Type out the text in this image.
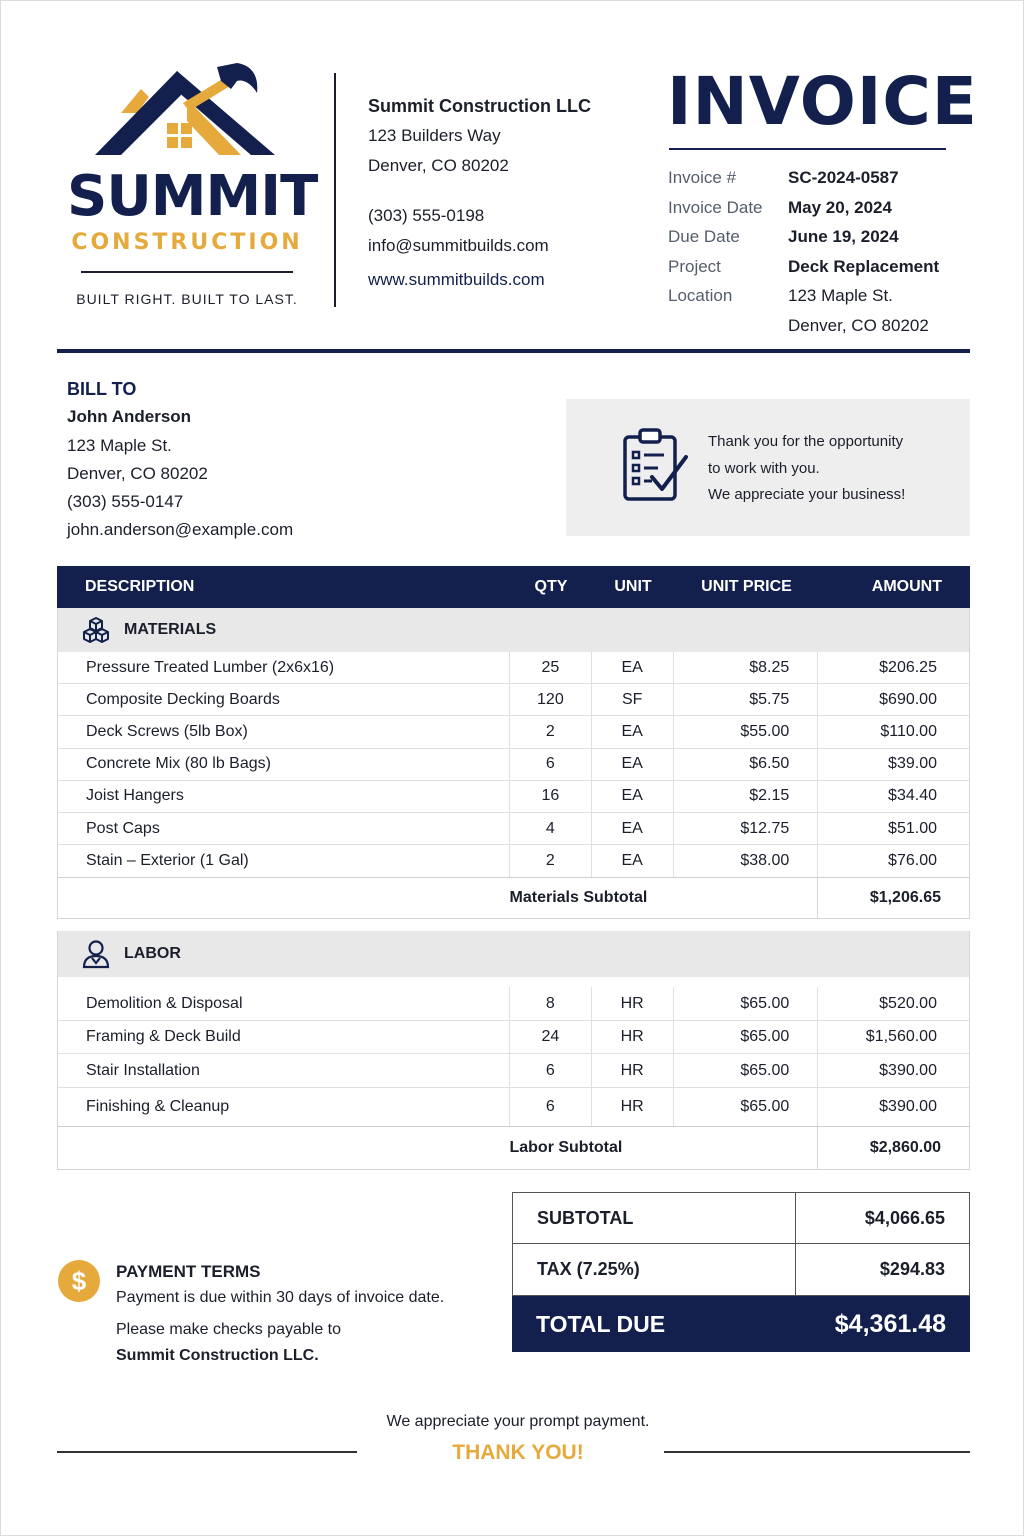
SUMMIT
CONSTRUCTION
BUILT RIGHT. BUILT TO LAST.
Summit Construction LLC
123 Builders Way
Denver, CO 80202
(303) 555-0198
info@summitbuilds.com
www.summitbuilds.com
INVOICE
Invoice #	SC-2024-0587
Invoice Date	May 20, 2024
Due Date	June 19, 2024
Project	Deck Replacement
Location	123 Maple St.
Denver, CO 80202
BILL TO
John Anderson
123 Maple St.
Denver, CO 80202
(303) 555-0147
john.anderson@example.com
Thank you for the opportunity
to work with you.
We appreciate your business!
DESCRIPTION	QTY	UNIT	UNIT PRICE	AMOUNT
MATERIALS
Pressure Treated Lumber (2x6x16)	25	EA	$8.25	$206.25
Composite Decking Boards	120	SF	$5.75	$690.00
Deck Screws (5lb Box)	2	EA	$55.00	$110.00
Concrete Mix (80 lb Bags)	6	EA	$6.50	$39.00
Joist Hangers	16	EA	$2.15	$34.40
Post Caps	4	EA	$12.75	$51.00
Stain – Exterior (1 Gal)	2	EA	$38.00	$76.00
Materials Subtotal	$1,206.65
LABOR
Demolition & Disposal	8	HR	$65.00	$520.00
Framing & Deck Build	24	HR	$65.00	$1,560.00
Stair Installation	6	HR	$65.00	$390.00
Finishing & Cleanup	6	HR	$65.00	$390.00
Labor Subtotal	$2,860.00
SUBTOTAL	$4,066.65
TAX (7.25%)	$294.83
TOTAL DUE	$4,361.48
$	PAYMENT TERMS
Payment is due within 30 days of invoice date.
Please make checks payable to
Summit Construction LLC.
We appreciate your prompt payment.
THANK YOU!
